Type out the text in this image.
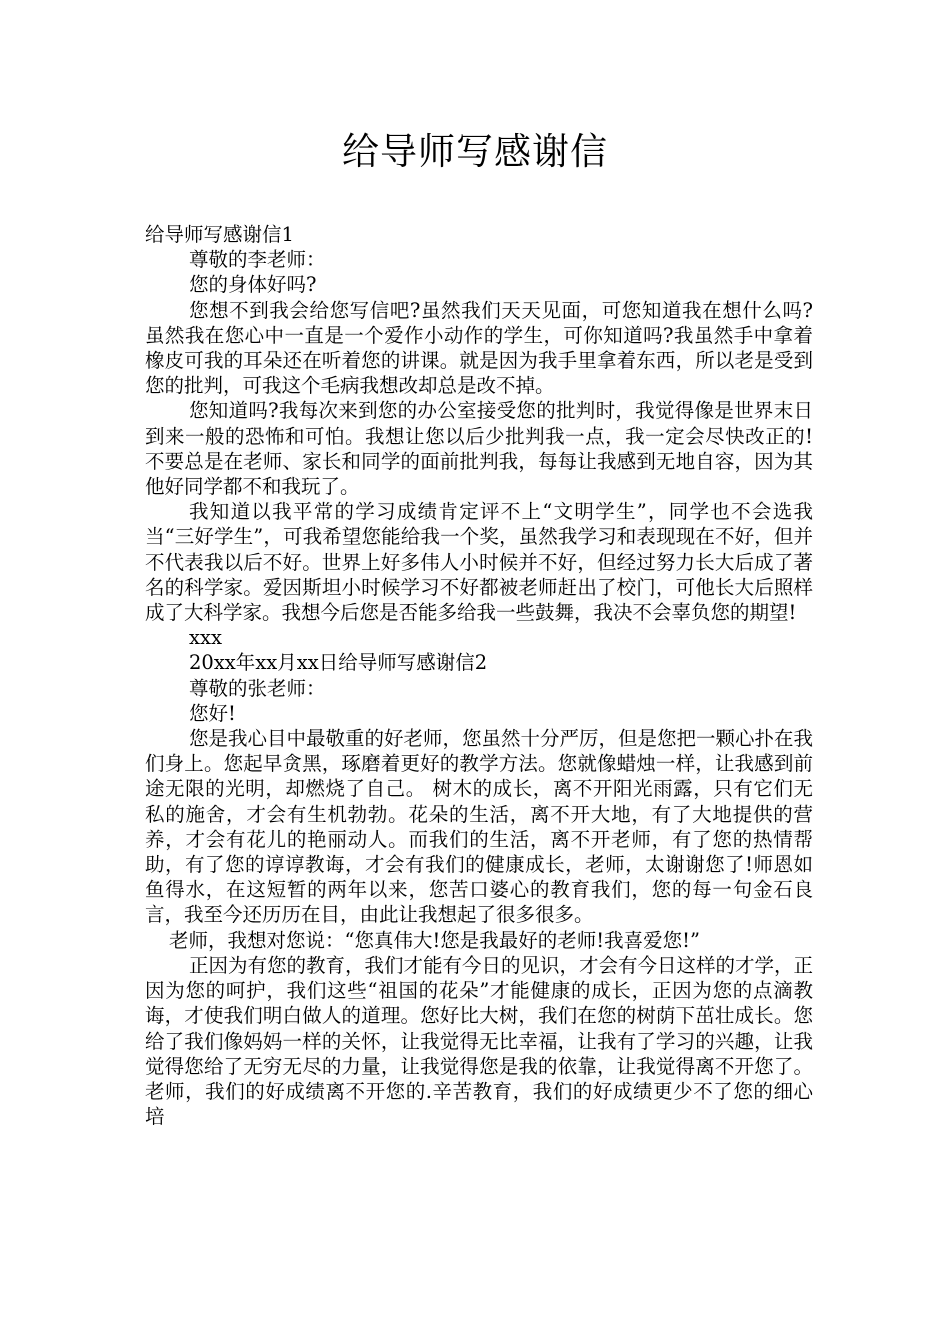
给导师写感谢信

给导师写感谢信1

尊敬的李老师：

您的身体好吗?

您想不到我会给您写信吧?虽然我们天天见面，可您知道我在想什么吗?虽然我在您心中一直是一个爱作小动作的学生，可你知道吗?我虽然手中拿着橡皮可我的耳朵还在听着您的讲课。就是因为我手里拿着东西，所以老是受到您的批判，可我这个毛病我想改却总是改不掉。

您知道吗?我每次来到您的办公室接受您的批判时，我觉得像是世界末日到来一般的恐怖和可怕。我想让您以后少批判我一点，我一定会尽快改正的!不要总是在老师、家长和同学的面前批判我，每每让我感到无地自容，因为其他好同学都不和我玩了。

我知道以我平常的学习成绩肯定评不上“文明学生”，同学也不会选我当“三好学生”，可我希望您能给我一个奖，虽然我学习和表现现在不好，但并不代表我以后不好。世界上好多伟人小时候并不好，但经过努力长大后成了著名的科学家。爱因斯坦小时候学习不好都被老师赶出了校门，可他长大后照样成了大科学家。我想今后您是否能多给我一些鼓舞，我决不会辜负您的期望!

xxx

20xx年xx月xx日给导师写感谢信2

尊敬的张老师：

您好!

您是我心目中最敬重的好老师，您虽然十分严厉，但是您把一颗心扑在我们身上。您起早贪黑，琢磨着更好的教学方法。您就像蜡烛一样，让我感到前途无限的光明，却燃烧了自己。 树木的成长，离不开阳光雨露，只有它们无私的施舍，才会有生机勃勃。花朵的生活，离不开大地，有了大地提供的营养，才会有花儿的艳丽动人。而我们的生活，离不开老师，有了您的热情帮助，有了您的谆谆教诲，才会有我们的健康成长，老师，太谢谢您了!师恩如鱼得水，在这短暂的两年以来，您苦口婆心的教育我们，您的每一句金石良言，我至今还历历在目，由此让我想起了很多很多。

老师，我想对您说：“您真伟大!您是我最好的老师!我喜爱您!”

正因为有您的教育，我们才能有今日的见识，才会有今日这样的才学，正因为您的呵护，我们这些“祖国的花朵”才能健康的成长，正因为您的点滴教诲，才使我们明白做人的道理。您好比大树，我们在您的树荫下茁壮成长。您给了我们像妈妈一样的关怀，让我觉得无比幸福，让我有了学习的兴趣，让我觉得您给了无穷无尽的力量，让我觉得您是我的依靠，让我觉得离不开您了。老师，我们的好成绩离不开您的.辛苦教育，我们的好成绩更少不了您的细心培
